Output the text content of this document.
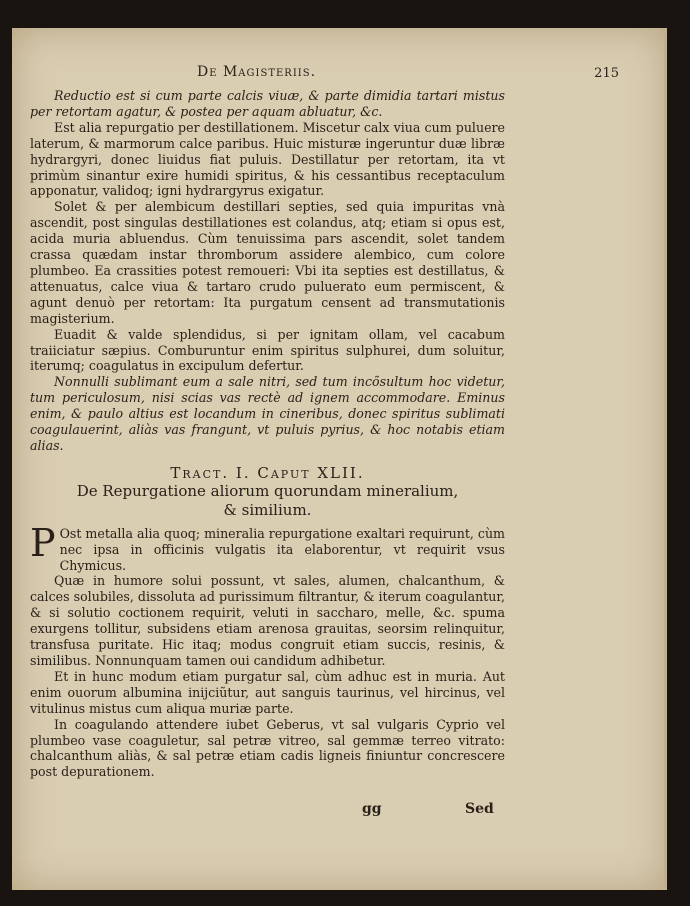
De Magisteriis.	215

Reductio est si cum parte calcis viuæ, & parte dimidia tartari mistus per retortam agatur, & postea per aquam abluatur, &c.

Est alia repurgatio per destillationem. Miscetur calx viua cum puluere laterum, & marmorum calce paribus. Huic misturæ ingeruntur duæ libræ hydrargyri, donec liuidus fiat puluis. Destillatur per retortam, ita vt primùm sinantur exire humidi spiritus, & his cessantibus receptaculum apponatur, validoq; igni hydrargyrus exigatur.

Solet & per alembicum destillari septies, sed quia impuritas vnà ascendit, post singulas destillationes est colandus, atq; etiam si opus est, acida muria abluendus. Cùm tenuissima pars ascendit, solet tandem crassa quædam instar thromborum assidere alembico, cum colore plumbeo. Ea crassities potest remoueri: Vbi ita septies est destillatus, & attenuatus, calce viua & tartaro crudo puluerato eum permiscent, & agunt denuò per retortam: Ita purgatum censent ad transmutationis magisterium.

Euadit & valde splendidus, si per ignitam ollam, vel cacabum traiiciatur sæpius. Comburuntur enim spiritus sulphurei, dum soluitur, iterumq; coagulatus in excipulum defertur.

Nonnulli sublimant eum a sale nitri, sed tum incõsultum hoc videtur, tum periculosum, nisi scias vas rectè ad ignem accommodare. Eminus enim, & paulo altius est locandum in cineribus, donec spiritus sublimati coagulauerint, aliàs vas frangunt, vt puluis pyrius, & hoc notabis etiam alias.

Tract. I. Caput XLII.
De Repurgatione aliorum quorundam mineralium,
& similium.

P Ost metalla alia quoq; mineralia repurgatione exaltari requirunt, cùm nec ipsa in officinis vulgatis ita elaborentur, vt requirit vsus Chymicus.

Quæ in humore solui possunt, vt sales, alumen, chalcanthum, & calces solubiles, dissoluta ad purissimum filtrantur, & iterum coagulantur, & si solutio coctionem requirit, veluti in saccharo, melle, &c. spuma exurgens tollitur, subsidens etiam arenosa grauitas, seorsim relinquitur, transfusa puritate. Hic itaq; modus congruit etiam succis, resinis, & similibus. Nonnunquam tamen oui candidum adhibetur.

Et in hunc modum etiam purgatur sal, cùm adhuc est in muria. Aut enim ouorum albumina inijciũtur, aut sanguis taurinus, vel hircinus, vel vitulinus mistus cum aliqua muriæ parte.

In coagulando attendere iubet Geberus, vt sal vulgaris Cyprio vel plumbeo vase coaguletur, sal petræ vitreo, sal gemmæ terreo vitrato: chalcanthum aliàs, & sal petræ etiam cadis ligneis finiuntur concrescere post depurationem.

gg	Sed
